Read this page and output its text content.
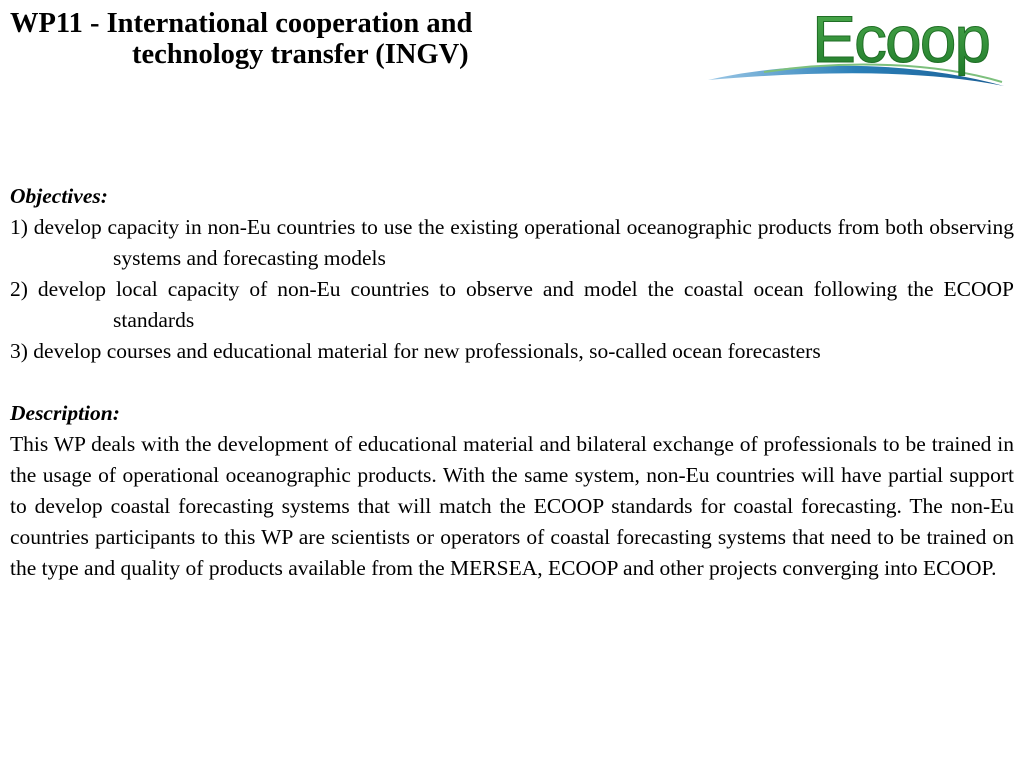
WP11 - International cooperation and
technology transfer (INGV)	Ecoop
Objectives:
1) develop capacity in non-Eu countries to use the existing operational oceanographic products from both observing systems and forecasting models
2) develop local capacity of non-Eu countries to observe and model the coastal ocean following the ECOOP standards
3) develop courses and educational material for new professionals, so-called ocean forecasters
Description:
This WP deals with the development of educational material and bilateral exchange of professionals to be trained in the usage of operational oceanographic products. With the same system, non-Eu countries will have partial support to develop coastal forecasting systems that will match the ECOOP standards for coastal forecasting. The non-Eu countries participants to this WP are scientists or operators of coastal forecasting systems that need to be trained on the type and quality of products available from the MERSEA, ECOOP and other projects converging into ECOOP.
